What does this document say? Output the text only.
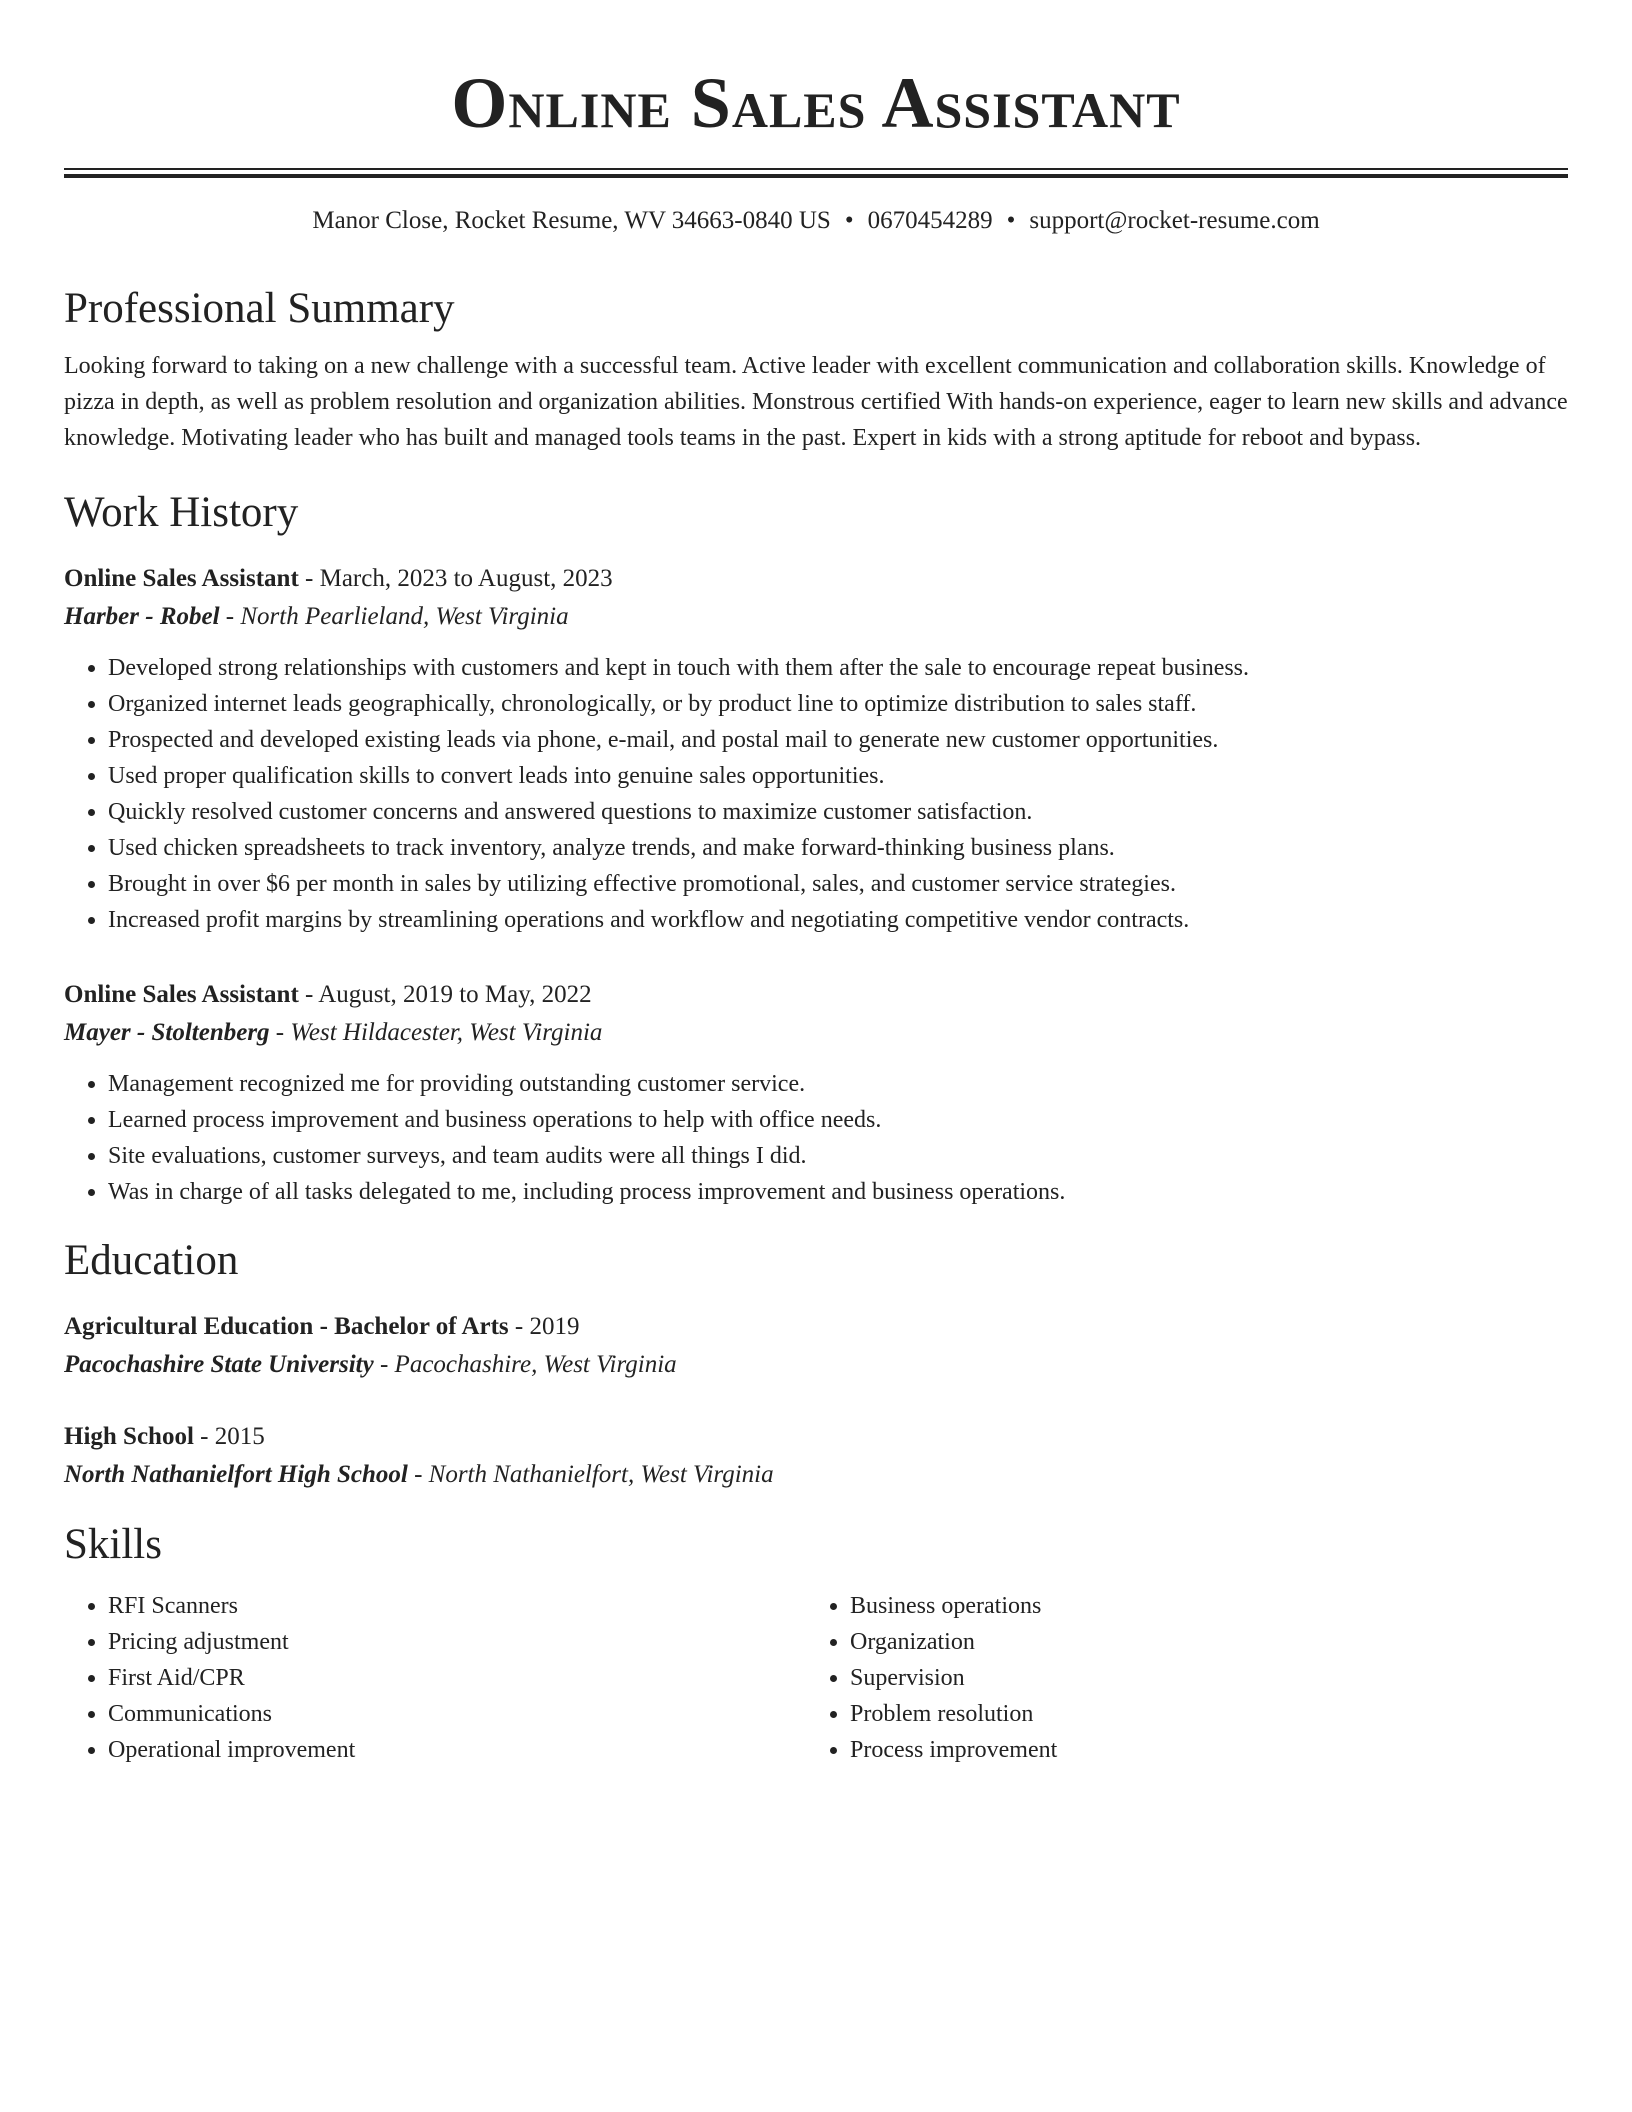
Online Sales Assistant
Manor Close, Rocket Resume, WV 34663-0840 US • 0670454289 • support@rocket-resume.com
Professional Summary

Looking forward to taking on a new challenge with a successful team. Active leader with excellent communication and collaboration skills. Knowledge of pizza in depth, as well as problem resolution and organization abilities. Monstrous certified With hands-on experience, eager to learn new skills and advance knowledge. Motivating leader who has built and managed tools teams in the past. Expert in kids with a strong aptitude for reboot and bypass.

Work History
Online Sales Assistant - March, 2023 to August, 2023
Harber - Robel - North Pearlieland, West Virginia
• Developed strong relationships with customers and kept in touch with them after the sale to encourage repeat business.
• Organized internet leads geographically, chronologically, or by product line to optimize distribution to sales staff.
• Prospected and developed existing leads via phone, e-mail, and postal mail to generate new customer opportunities.
• Used proper qualification skills to convert leads into genuine sales opportunities.
• Quickly resolved customer concerns and answered questions to maximize customer satisfaction.
• Used chicken spreadsheets to track inventory, analyze trends, and make forward-thinking business plans.
• Brought in over $6 per month in sales by utilizing effective promotional, sales, and customer service strategies.
• Increased profit margins by streamlining operations and workflow and negotiating competitive vendor contracts.
Online Sales Assistant - August, 2019 to May, 2022
Mayer - Stoltenberg - West Hildacester, West Virginia
• Management recognized me for providing outstanding customer service.
• Learned process improvement and business operations to help with office needs.
• Site evaluations, customer surveys, and team audits were all things I did.
• Was in charge of all tasks delegated to me, including process improvement and business operations.
Education
Agricultural Education - Bachelor of Arts - 2019
Pacochashire State University - Pacochashire, West Virginia
High School - 2015
North Nathanielfort High School - North Nathanielfort, West Virginia
Skills
• RFI Scanners
• Pricing adjustment
• First Aid/CPR
• Communications
• Operational improvement
• Business operations
• Organization
• Supervision
• Problem resolution
• Process improvement
